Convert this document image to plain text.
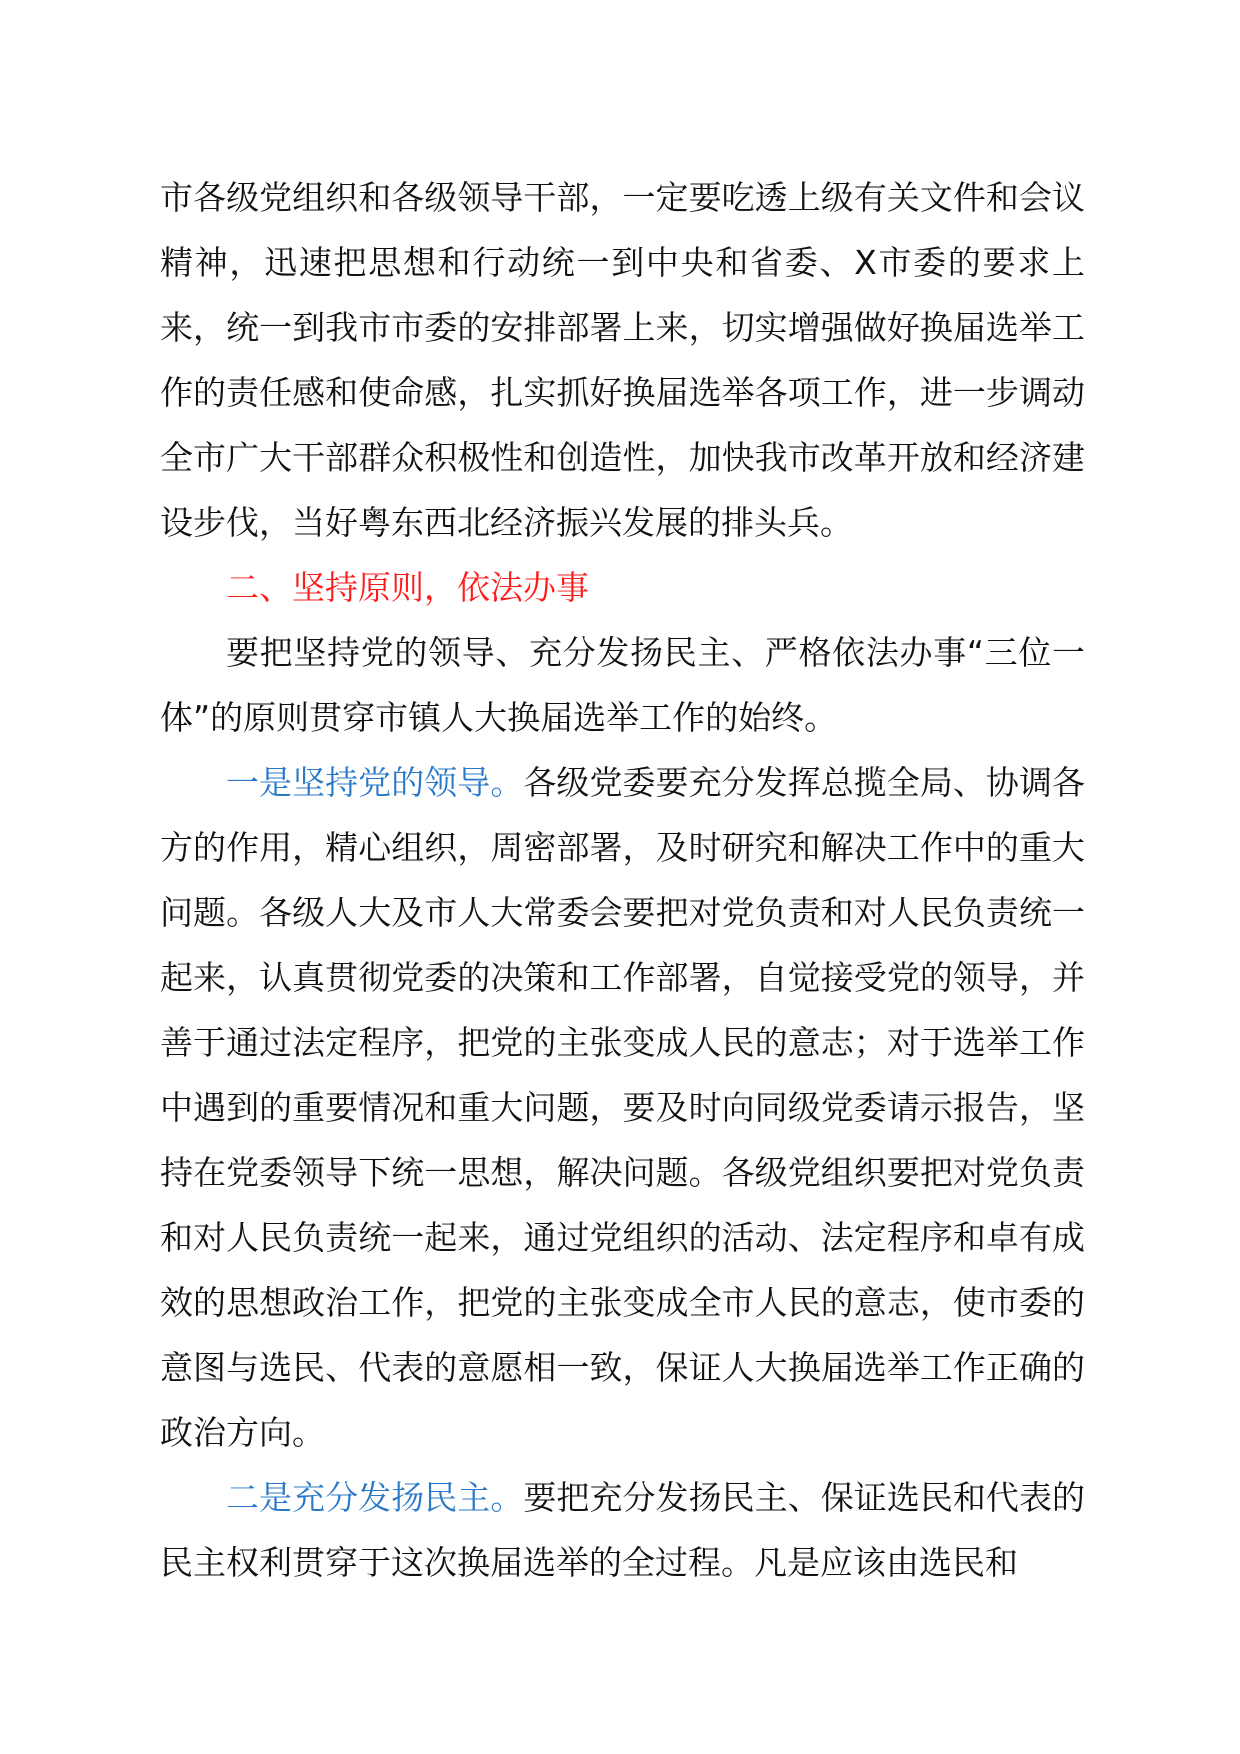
市各级党组织和各级领导干部，一定要吃透上级有关文件和会议精神，迅速把思想和行动统一到中央和省委、X市委的要求上来，统一到我市市委的安排部署上来，切实增强做好换届选举工作的责任感和使命感，扎实抓好换届选举各项工作，进一步调动全市广大干部群众积极性和创造性，加快我市改革开放和经济建设步伐，当好粤东西北经济振兴发展的排头兵。

二、坚持原则，依法办事

要把坚持党的领导、充分发扬民主、严格依法办事“三位一体”的原则贯穿市镇人大换届选举工作的始终。

一是坚持党的领导。各级党委要充分发挥总揽全局、协调各方的作用，精心组织，周密部署，及时研究和解决工作中的重大问题。各级人大及市人大常委会要把对党负责和对人民负责统一起来，认真贯彻党委的决策和工作部署，自觉接受党的领导，并善于通过法定程序，把党的主张变成人民的意志；对于选举工作中遇到的重要情况和重大问题，要及时向同级党委请示报告，坚持在党委领导下统一思想，解决问题。各级党组织要把对党负责和对人民负责统一起来，通过党组织的活动、法定程序和卓有成效的思想政治工作，把党的主张变成全市人民的意志，使市委的意图与选民、代表的意愿相一致，保证人大换届选举工作正确的政治方向。

二是充分发扬民主。要把充分发扬民主、保证选民和代表的民主权利贯穿于这次换届选举的全过程。凡是应该由选民和
